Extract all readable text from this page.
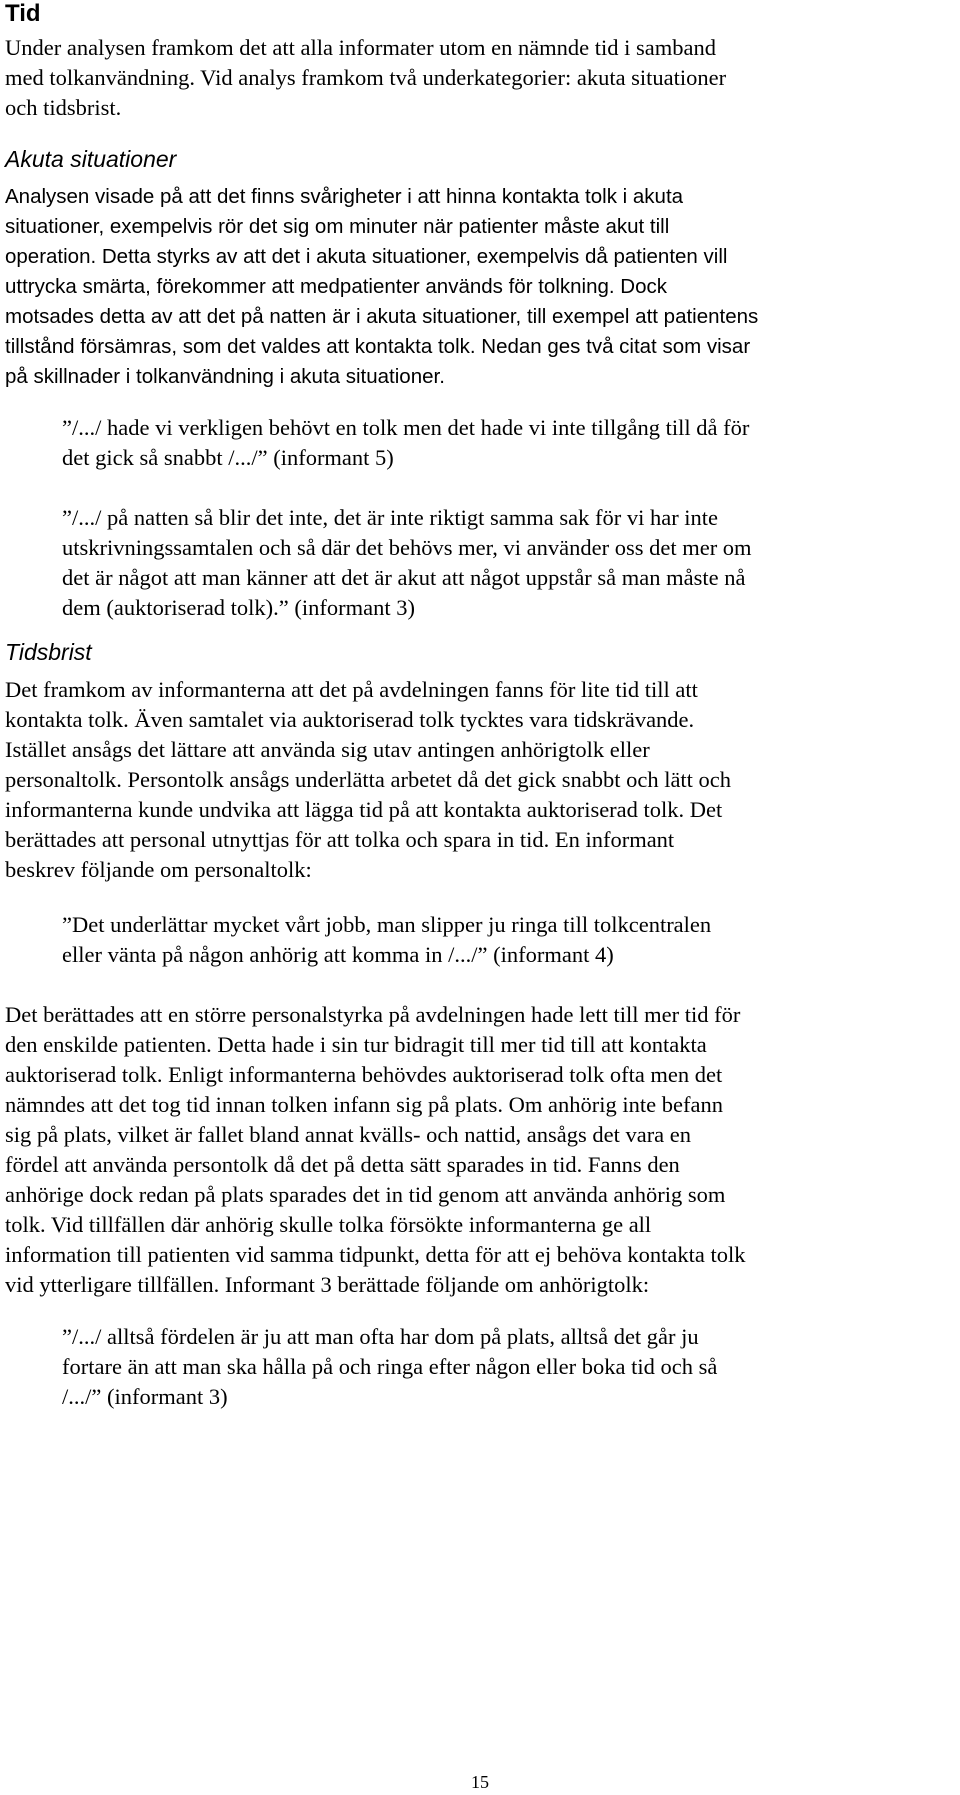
Tid

Under analysen framkom det att alla informater utom en nämnde tid i samband
med tolkanvändning. Vid analys framkom två underkategorier: akuta situationer
och tidsbrist.

Akuta situationer

Analysen visade på att det finns svårigheter i att hinna kontakta tolk i akuta
situationer, exempelvis rör det sig om minuter när patienter måste akut till
operation. Detta styrks av att det i akuta situationer, exempelvis då patienten vill
uttrycka smärta, förekommer att medpatienter används för tolkning. Dock
motsades detta av att det på natten är i akuta situationer, till exempel att patientens
tillstånd försämras, som det valdes att kontakta tolk. Nedan ges två citat som visar
på skillnader i tolkanvändning i akuta situationer.

”/.../ hade vi verkligen behövt en tolk men det hade vi inte tillgång till då för
det gick så snabbt /.../” (informant 5)
”/.../ på natten så blir det inte, det är inte riktigt samma sak för vi har inte
utskrivningssamtalen och så där det behövs mer, vi använder oss det mer om
det är något att man känner att det är akut att något uppstår så man måste nå
dem (auktoriserad tolk).” (informant 3)
Tidsbrist

Det framkom av informanterna att det på avdelningen fanns för lite tid till att
kontakta tolk. Även samtalet via auktoriserad tolk tycktes vara tidskrävande.
Istället ansågs det lättare att använda sig utav antingen anhörigtolk eller
personaltolk. Persontolk ansågs underlätta arbetet då det gick snabbt och lätt och
informanterna kunde undvika att lägga tid på att kontakta auktoriserad tolk. Det
berättades att personal utnyttjas för att tolka och spara in tid. En informant
beskrev följande om personaltolk:

”Det underlättar mycket vårt jobb, man slipper ju ringa till tolkcentralen
eller vänta på någon anhörig att komma in /.../” (informant 4)

Det berättades att en större personalstyrka på avdelningen hade lett till mer tid för
den enskilde patienten. Detta hade i sin tur bidragit till mer tid till att kontakta
auktoriserad tolk. Enligt informanterna behövdes auktoriserad tolk ofta men det
nämndes att det tog tid innan tolken infann sig på plats. Om anhörig inte befann
sig på plats, vilket är fallet bland annat kvälls- och nattid, ansågs det vara en
fördel att använda persontolk då det på detta sätt sparades in tid. Fanns den
anhörige dock redan på plats sparades det in tid genom att använda anhörig som
tolk. Vid tillfällen där anhörig skulle tolka försökte informanterna ge all
information till patienten vid samma tidpunkt, detta för att ej behöva kontakta tolk
vid ytterligare tillfällen. Informant 3 berättade följande om anhörigtolk:

”/.../ alltså fördelen är ju att man ofta har dom på plats, alltså det går ju
fortare än att man ska hålla på och ringa efter någon eller boka tid och så
/.../” (informant 3)
15
